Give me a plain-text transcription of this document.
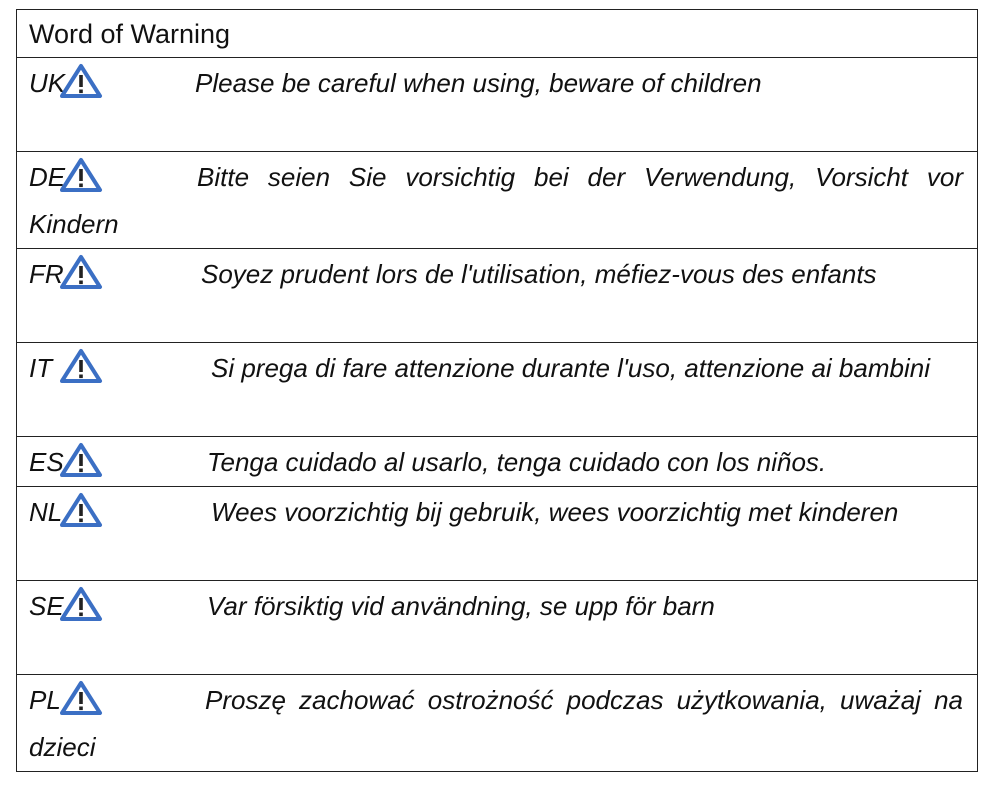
Word of Warning

UK	Please be careful when using, beware of children

DE	Bitte seien Sie vorsichtig bei der Verwendung, Vorsicht vor Kindern

FR	Soyez prudent lors de l'utilisation, méfiez-vous des enfants

IT	Si prega di fare attenzione durante l'uso, attenzione ai bambini

ES	Tenga cuidado al usarlo, tenga cuidado con los niños.

NL	Wees voorzichtig bij gebruik, wees voorzichtig met kinderen

SE	Var försiktig vid användning, se upp för barn

PL	Proszę zachować ostrożność podczas użytkowania, uważaj na dzieci
